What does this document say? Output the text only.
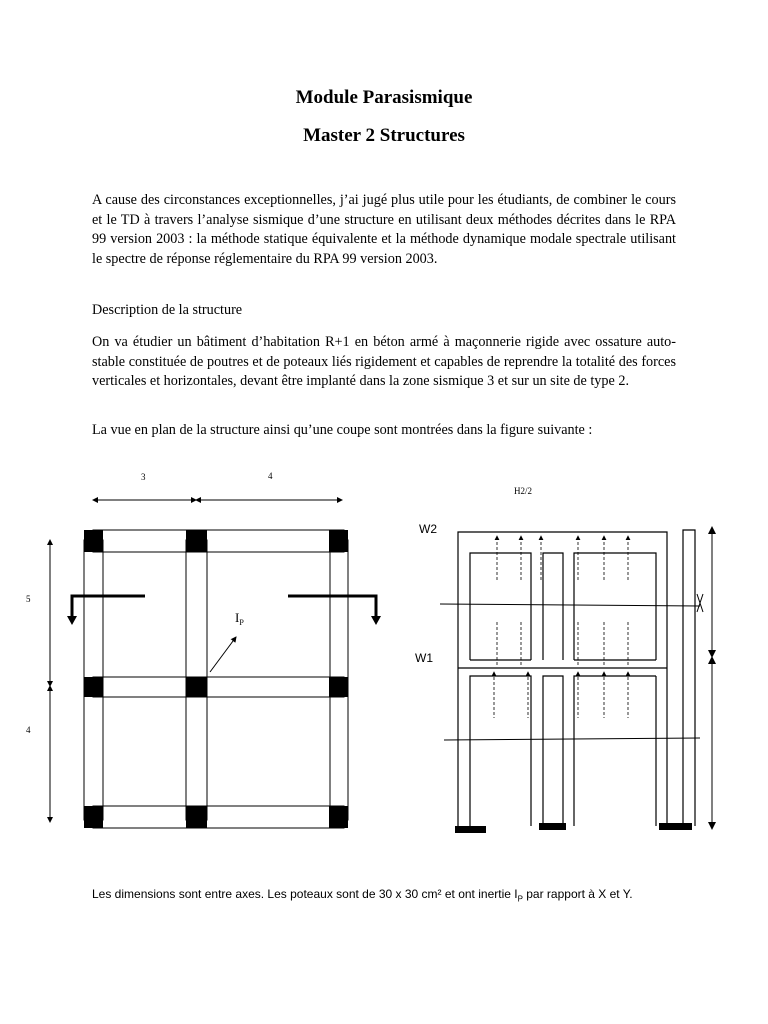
Module Parasismique
Master 2 Structures
A cause des circonstances exceptionnelles, j’ai jugé plus utile pour les étudiants, de combiner le cours et le TD à travers l’analyse sismique d’une structure en utilisant deux méthodes décrites dans le RPA 99 version 2003 : la méthode statique équivalente et la méthode dynamique modale spectrale utilisant le spectre de réponse réglementaire du RPA 99 version 2003.
Description de la structure
On va étudier un bâtiment d’habitation R+1 en béton armé à maçonnerie rigide avec ossature auto-stable constituée de poutres et de poteaux liés rigidement et capables de reprendre la totalité des forces verticales et horizontales, devant être implanté dans la zone sismique 3 et sur un site de type 2.
La vue en plan de la structure ainsi qu’une coupe sont montrées dans la figure suivante :
3	4
5
4
$I_P$
H2/2
W2
W1
Les dimensions sont entre axes. Les poteaux sont de 30 x 30 cm² et ont inertie $I_P$ par rapport à X et Y.
